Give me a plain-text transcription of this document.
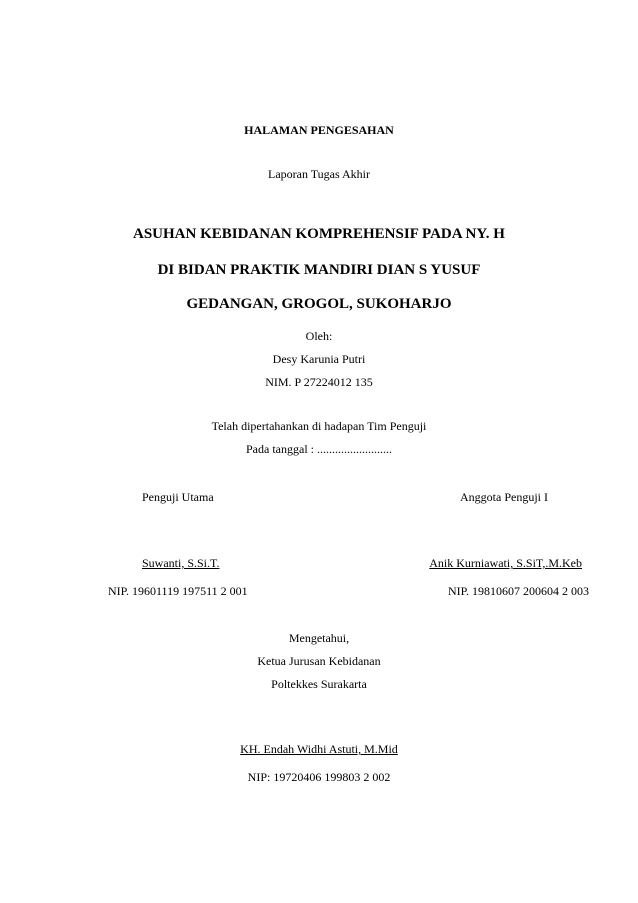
HALAMAN PENGESAHAN
Laporan Tugas Akhir
ASUHAN KEBIDANAN KOMPREHENSIF PADA NY. H
DI BIDAN PRAKTIK MANDIRI DIAN S YUSUF
GEDANGAN, GROGOL, SUKOHARJO
Oleh:
Desy Karunia Putri
NIM. P 27224012 135
Telah dipertahankan di hadapan Tim Penguji
Pada tanggal : .........................
Penguji Utama	Anggota Penguji I
Suwanti, S.Si.T.	Anik Kurniawati, S.SiT,.M.Keb
NIP. 19601119 197511 2 001	NIP. 19810607 200604 2 003
Mengetahui,
Ketua Jurusan Kebidanan
Poltekkes Surakarta
KH. Endah Widhi Astuti, M.Mid
NIP: 19720406 199803 2 002
